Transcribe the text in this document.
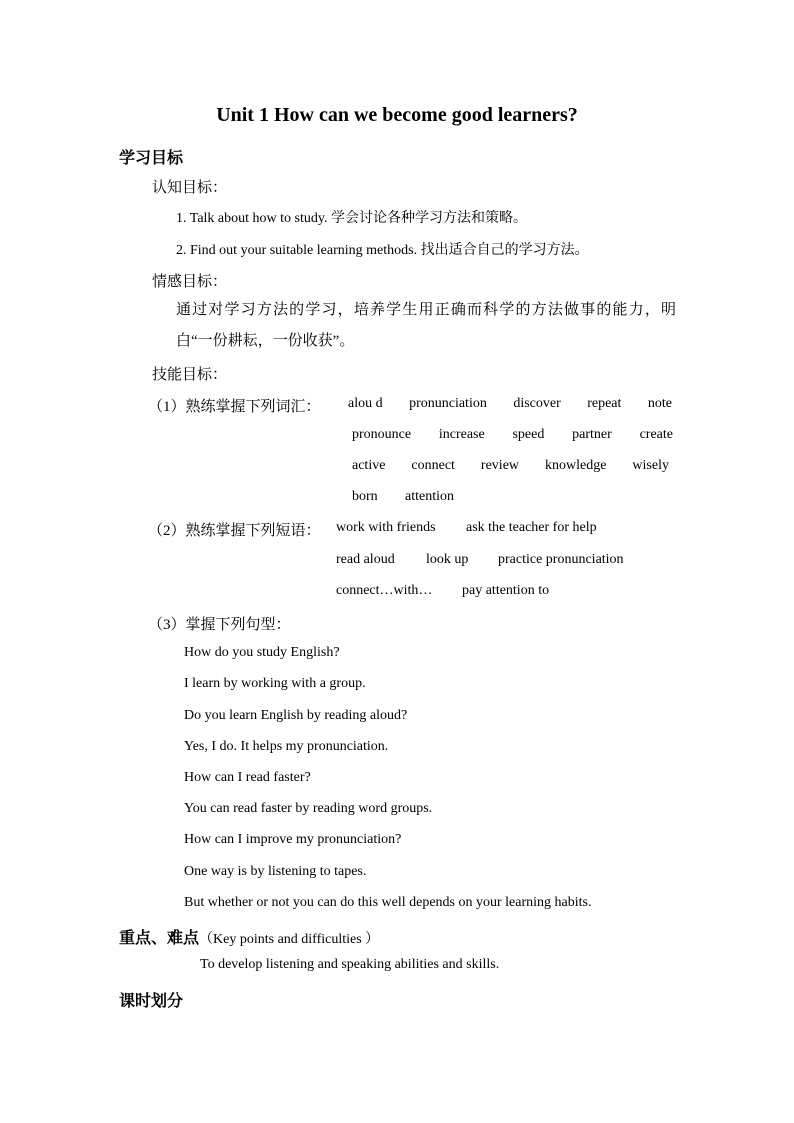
Unit 1 How can we become good learners?
学习目标
认知目标：
1. Talk about how to study. 学会讨论各种学习方法和策略。
2. Find out your suitable learning methods. 找出适合自己的学习方法。
情感目标：
通过对学习方法的学习，培养学生用正确而科学的方法做事的能力，明白“一份耕耘，一份收获”。
技能目标：
（1）熟练掌握下列词汇： alou d pronunciation discover repeat note
pronounce increase speed partner create
active connect review knowledge wisely
born attention
（2）熟练掌握下列短语： work with friends ask the teacher for help
read aloud look up practice pronunciation
connect…with… pay attention to
（3）掌握下列句型：
How do you study English?
I learn by working with a group.
Do you learn English by reading aloud?
Yes, I do. It helps my pronunciation.
How can I read faster?
You can read faster by reading word groups.
How can I improve my pronunciation?
One way is by listening to tapes.
But whether or not you can do this well depends on your learning habits.
重点、难点（Key points and difficulties ）
To develop listening and speaking abilities and skills.
课时划分
